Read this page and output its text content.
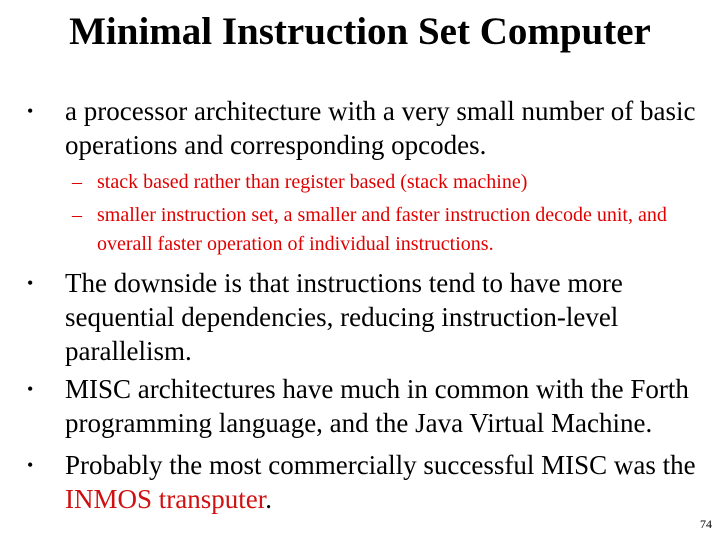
Minimal Instruction Set Computer
• a processor architecture with a very small number of basic operations and corresponding opcodes.
– stack based rather than register based (stack machine)
– smaller instruction set, a smaller and faster instruction decode unit, and overall faster operation of individual instructions.
• The downside is that instructions tend to have more sequential dependencies, reducing instruction-level parallelism.
• MISC architectures have much in common with the Forth programming language, and the Java Virtual Machine.
• Probably the most commercially successful MISC was the INMOS transputer.
74
